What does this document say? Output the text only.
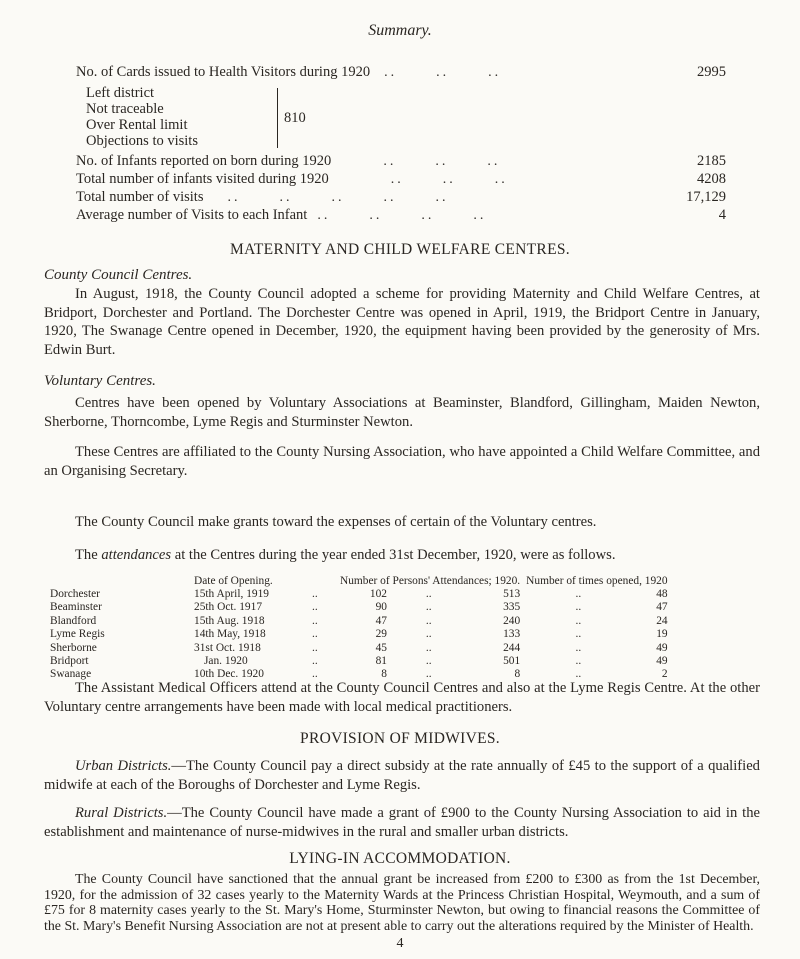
Summary.
No. of Cards issued to Health Visitors during 1920 ..      ..      ..	2995
Left district
Not traceable
Over Rental limit
Objections to visits
810
No. of Infants reported on born during 1920	..      ..      ..	2185
Total number of infants visited during 1920	..      ..      ..	4208
Total number of visits ..      ..      ..      ..      ..	17,129
Average number of Visits to each Infant ..      ..      ..      ..	4
MATERNITY AND CHILD WELFARE CENTRES.
County Council Centres.
In August, 1918, the County Council adopted a scheme for providing Maternity and Child Welfare Centres, at Bridport, Dorchester and Portland. The Dorchester Centre was opened in April, 1919, the Bridport Centre in January, 1920, The Swanage Centre opened in December, 1920, the equipment having been provided by the generosity of Mrs. Edwin Burt.
Voluntary Centres.
Centres have been opened by Voluntary Associations at Beaminster, Blandford, Gillingham, Maiden Newton, Sherborne, Thorncombe, Lyme Regis and Sturminster Newton.
These Centres are affiliated to the County Nursing Association, who have appointed a Child Welfare Committee, and an Organising Secretary.
The County Council make grants toward the expenses of certain of the Voluntary centres.
The attendances at the Centres during the year ended 31st December, 1920, were as follows.
	Date of Opening.		Number of Persons' Attendances; 1920.			Number of times opened, 1920	
Dorchester	15th April, 1919	..	102	..	513	..	48
Beaminster	25th Oct. 1917	..	90	..	335	..	47
Blandford	15th Aug. 1918	..	47	..	240	..	24
Lyme Regis	14th May, 1918	..	29	..	133	..	19
Sherborne	31st Oct. 1918	..	45	..	244	..	49
Bridport	Jan. 1920	..	81	..	501	..	49
Swanage	10th Dec. 1920	..	8	..	8	..	2
The Assistant Medical Officers attend at the County Council Centres and also at the Lyme Regis Centre. At the other Voluntary centre arrangements have been made with local medical practitioners.
PROVISION OF MIDWIVES.
Urban Districts.—The County Council pay a direct subsidy at the rate annually of £45 to the support of a qualified midwife at each of the Boroughs of Dorchester and Lyme Regis.
Rural Districts.—The County Council have made a grant of £900 to the County Nursing Association to aid in the establishment and maintenance of nurse-midwives in the rural and smaller urban districts.
LYING-IN ACCOMMODATION.
The County Council have sanctioned that the annual grant be increased from £200 to £300 as from the 1st December, 1920, for the admission of 32 cases yearly to the Maternity Wards at the Princess Christian Hospital, Weymouth, and a sum of £75 for 8 maternity cases yearly to the St. Mary's Home, Sturminster Newton, but owing to financial reasons the Committee of the St. Mary's Benefit Nursing Association are not at present able to carry out the alterations required by the Minister of Health.
4
